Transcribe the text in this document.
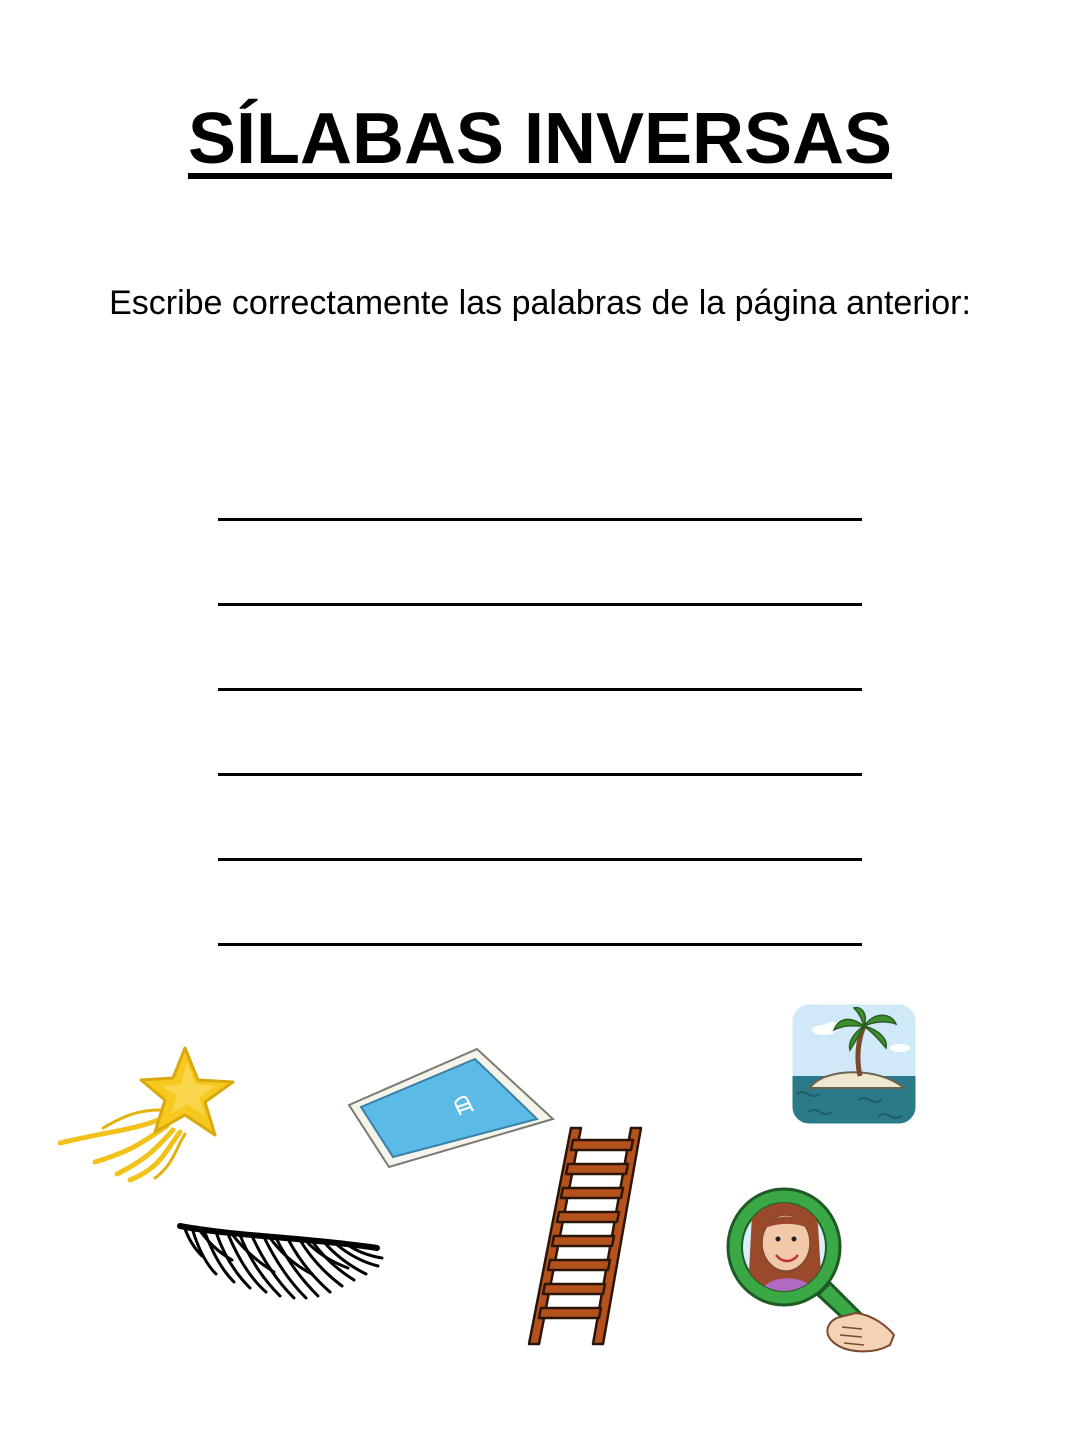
SÍLABAS INVERSAS

Escribe correctamente las palabras de la página anterior:
